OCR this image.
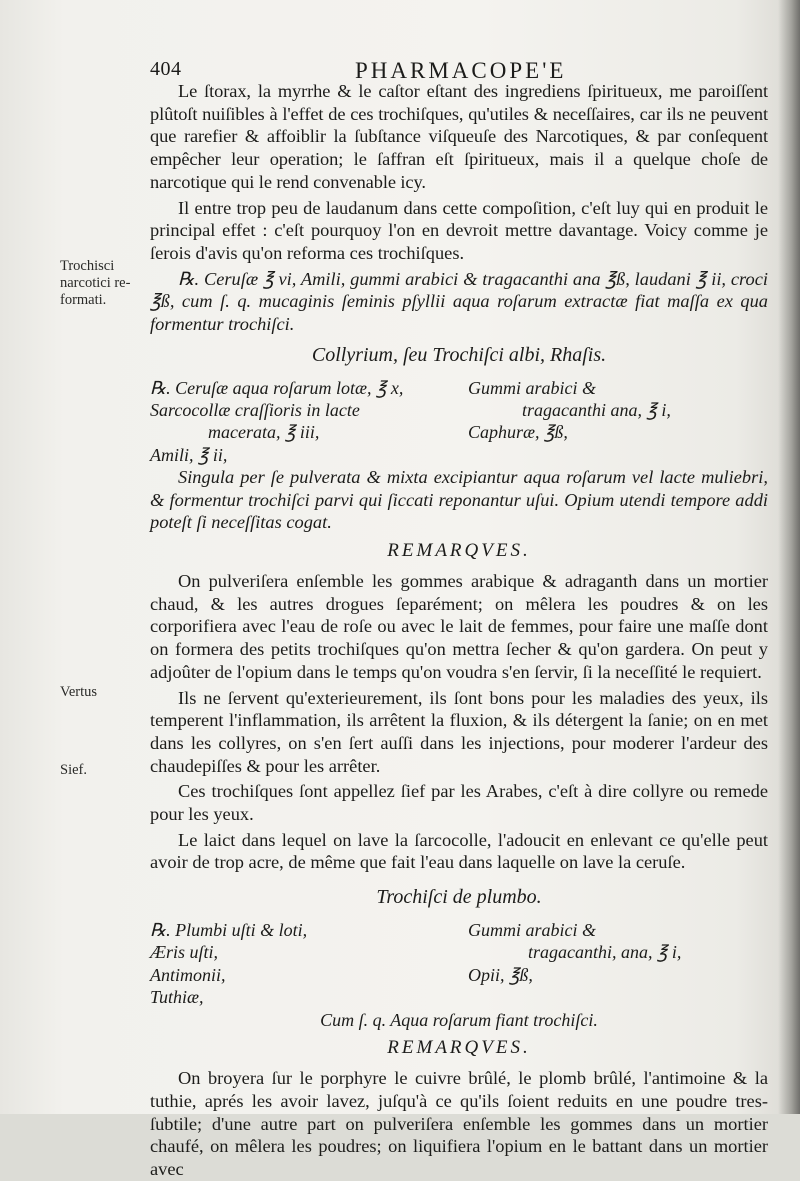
404	PHARMACOPE'E
Trochisci
narcotici re-
formati.
Vertus
Sief.

Le ſtorax, la myrrhe & le caſtor eſtant des ingrediens ſpiritueux, me paroiſſent plûtoſt nuiſibles à l'effet de ces trochiſques, qu'utiles & neceſſaires, car ils ne peuvent que rarefier & affoiblir la ſubſtance viſqueuſe des Narcotiques, & par conſequent empêcher leur operation; le ſaffran eſt ſpiritueux, mais il a quelque choſe de narcotique qui le rend convenable icy.

Il entre trop peu de laudanum dans cette compoſition, c'eſt luy qui en produit le principal effet : c'eſt pourquoy l'on en devroit mettre davantage. Voicy comme je ſerois d'avis qu'on reforma ces trochiſques.

℞. Ceruſæ ℥ vi, Amili, gummi arabici & tragacanthi ana ℥ß, laudani ℥ ii, croci ℥ß, cum ſ. q. mucaginis ſeminis pſyllii aqua roſarum extractæ fiat maſſa ex qua formentur trochiſci.

Collyrium, ſeu Trochiſci albi, Rhaſis.
℞. Ceruſæ aqua roſarum lotæ, ℥ x,	Gummi arabici &
Sarcocollæ craſſioris in lacte	tragacanthi ana, ℥ i,
macerata, ℥ iii,	Caphuræ, ℥ß,
Amili, ℥ ii,

Singula per ſe pulverata & mixta excipiantur aqua roſarum vel lacte muliebri, & formentur trochiſci parvi qui ſiccati reponantur uſui. Opium utendi tempore addi poteſt ſi neceſſitas cogat.

REMARQVES.

On pulveriſera enſemble les gommes arabique & adraganth dans un mortier chaud, & les autres drogues ſeparément; on mêlera les poudres & on les corporifiera avec l'eau de roſe ou avec le lait de femmes, pour faire une maſſe dont on formera des petits trochiſques qu'on mettra ſecher & qu'on gardera. On peut y adjoûter de l'opium dans le temps qu'on voudra s'en ſervir, ſi la neceſſité le requiert.

Ils ne ſervent qu'exterieurement, ils ſont bons pour les maladies des yeux, ils temperent l'inflammation, ils arrêtent la fluxion, & ils détergent la ſanie; on en met dans les collyres, on s'en ſert auſſi dans les injections, pour moderer l'ardeur des chaudepiſſes & pour les arrêter.

Ces trochiſques ſont appellez ſief par les Arabes, c'eſt à dire collyre ou remede pour les yeux.

Le laict dans lequel on lave la ſarcocolle, l'adoucit en enlevant ce qu'elle peut avoir de trop acre, de même que fait l'eau dans laquelle on lave la ceruſe.

Trochiſci de plumbo.
℞. Plumbi uſti & loti,	Gummi arabici &
Æris uſti,	tragacanthi, ana, ℥ i,
Antimonii,	Opii, ℥ß,
Tuthiæ,
Cum ſ. q. Aqua roſarum fiant trochiſci.
REMARQVES.

On broyera ſur le porphyre le cuivre brûlé, le plomb brûlé, l'antimoine & la tuthie, aprés les avoir lavez, juſqu'à ce qu'ils ſoient reduits en une poudre tres-ſubtile; d'une autre part on pulveriſera enſemble les gommes dans un mortier chaufé, on mêlera les poudres; on liquifiera l'opium en le battant dans un mortier avec
